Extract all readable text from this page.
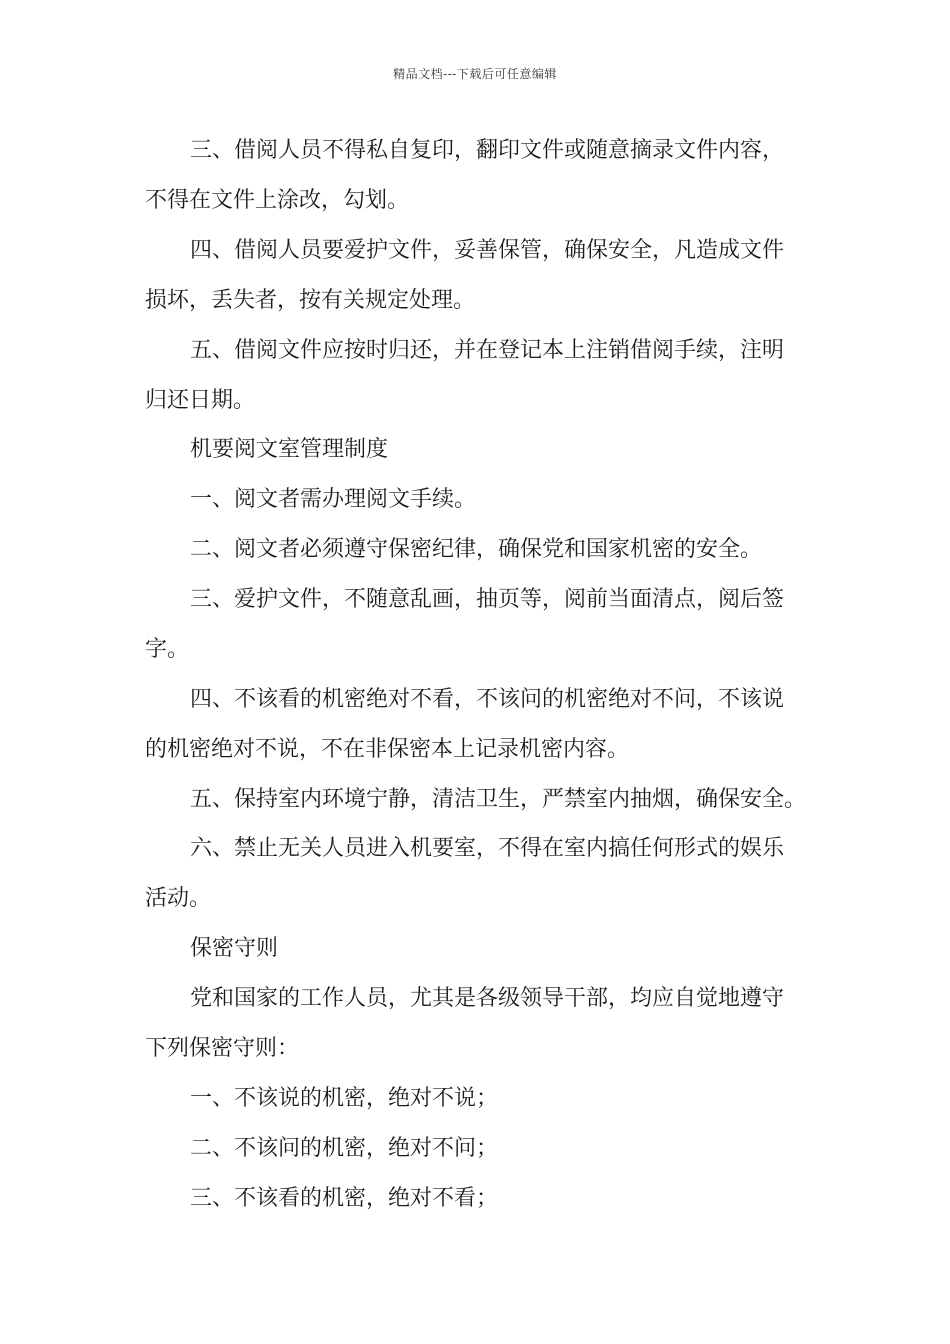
精品文档---下载后可任意编辑
三、借阅人员不得私自复印，翻印文件或随意摘录文件内容，
不得在文件上涂改，勾划。
四、借阅人员要爱护文件，妥善保管，确保安全，凡造成文件
损坏，丢失者，按有关规定处理。
五、借阅文件应按时归还，并在登记本上注销借阅手续，注明
归还日期。
机要阅文室管理制度
一、阅文者需办理阅文手续。
二、阅文者必须遵守保密纪律，确保党和国家机密的安全。
三、爱护文件，不随意乱画，抽页等，阅前当面清点，阅后签
字。
四、不该看的机密绝对不看，不该问的机密绝对不问，不该说
的机密绝对不说，不在非保密本上记录机密内容。
五、保持室内环境宁静，清洁卫生，严禁室内抽烟，确保安全。
六、禁止无关人员进入机要室，不得在室内搞任何形式的娱乐
活动。
保密守则
党和国家的工作人员，尤其是各级领导干部，均应自觉地遵守
下列保密守则：
一、不该说的机密，绝对不说；
二、不该问的机密，绝对不问；
三、不该看的机密，绝对不看；
